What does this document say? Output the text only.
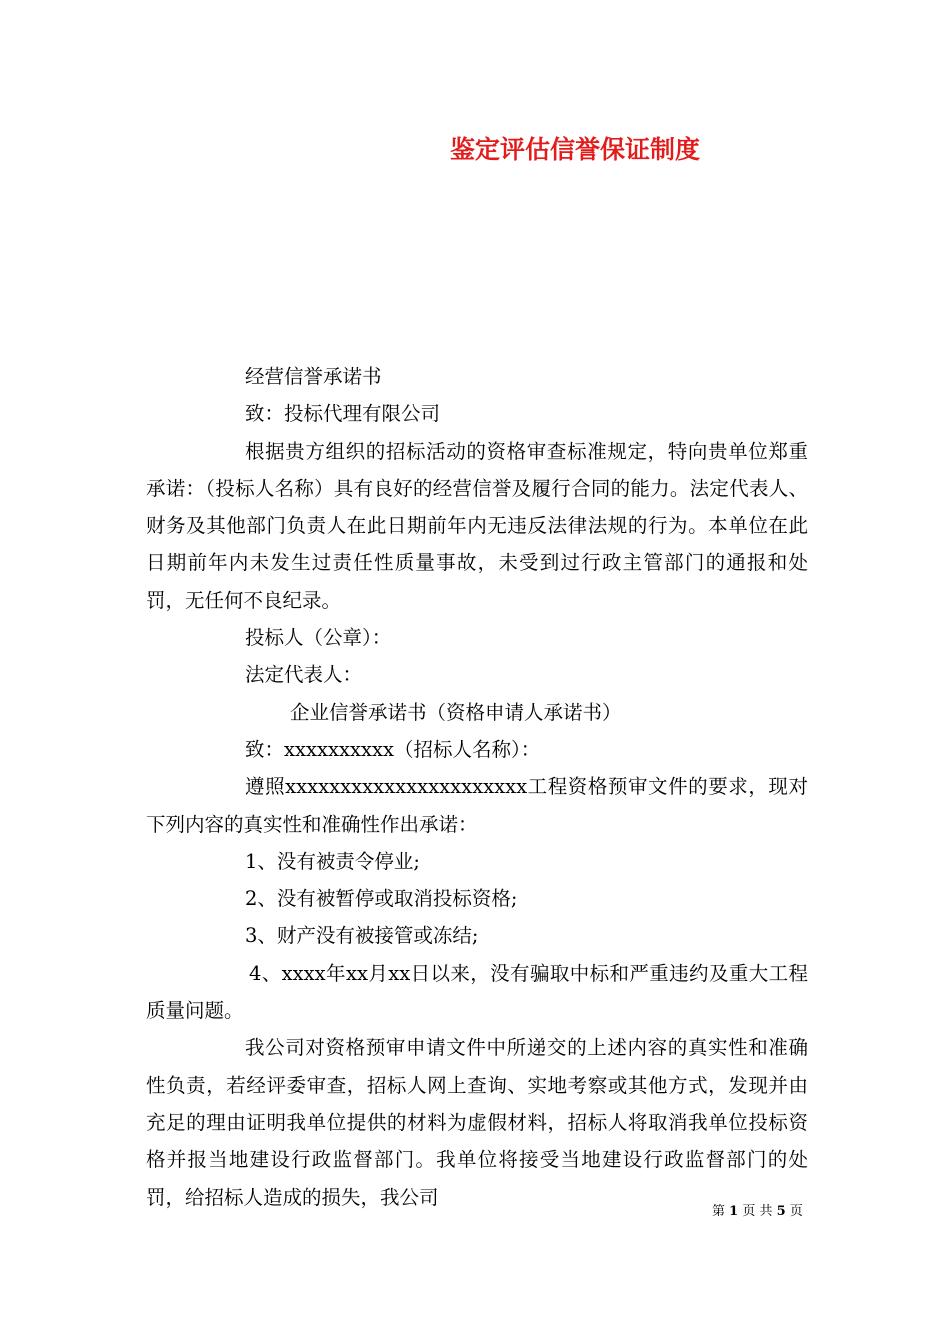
鉴定评估信誉保证制度

经营信誉承诺书

致：投标代理有限公司

根据贵方组织的招标活动的资格审查标准规定，特向贵单位郑重承诺：（投标人名称）具有良好的经营信誉及履行合同的能力。法定代表人、财务及其他部门负责人在此日期前年内无违反法律法规的行为。本单位在此日期前年内未发生过责任性质量事故，未受到过行政主管部门的通报和处罚，无任何不良纪录。

投标人（公章）：

法定代表人：

企业信誉承诺书（资格申请人承诺书）

致：xxxxxxxxxx（招标人名称）：

遵照xxxxxxxxxxxxxxxxxxxxxx工程资格预审文件的要求，现对下列内容的真实性和准确性作出承诺：

1、没有被责令停业;

2、没有被暂停或取消投标资格;

3、财产没有被接管或冻结;

4、xxxx年xx月xx日以来，没有骗取中标和严重违约及重大工程质量问题。

我公司对资格预审申请文件中所递交的上述内容的真实性和准确性负责，若经评委审查，招标人网上查询、实地考察或其他方式，发现并由充足的理由证明我单位提供的材料为虚假材料，招标人将取消我单位投标资格并报当地建设行政监督部门。我单位将接受当地建设行政监督部门的处罚，给招标人造成的损失，我公司

第 1 页 共 5 页
